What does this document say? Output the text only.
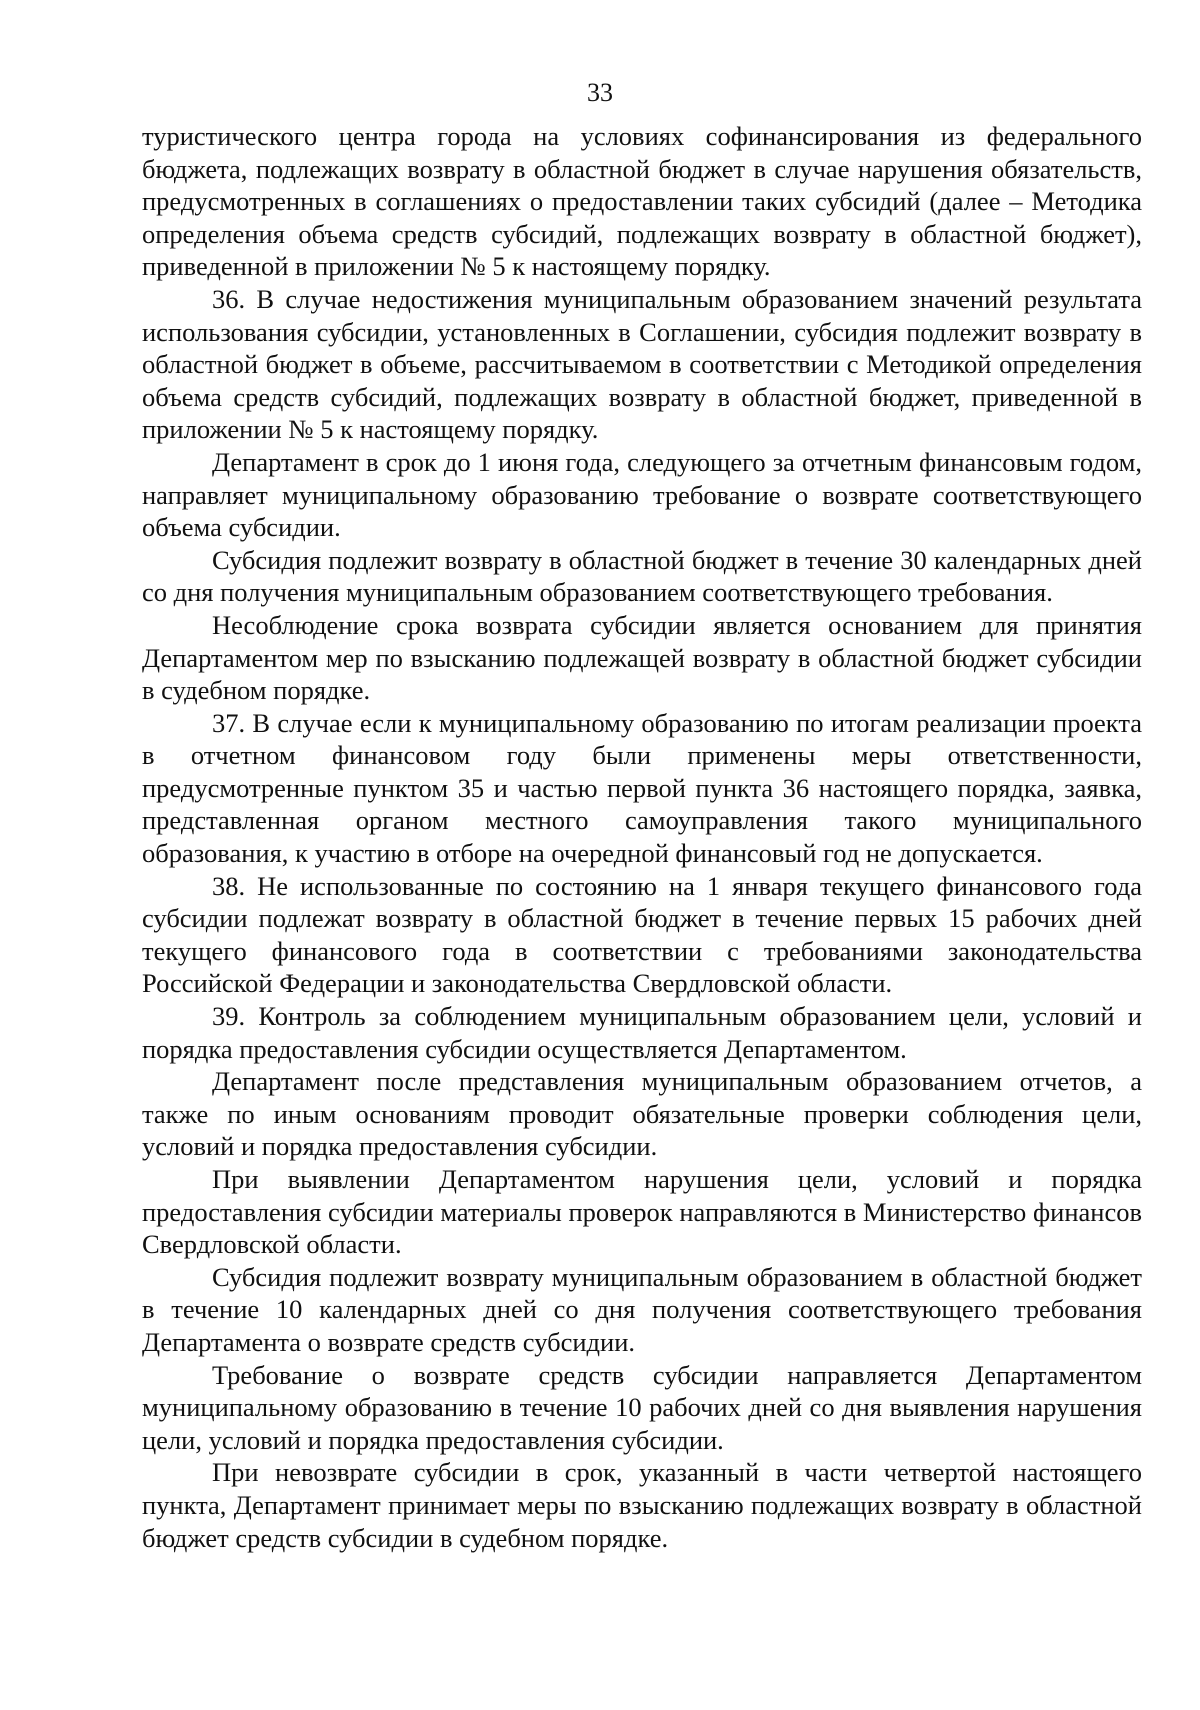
33

туристического центра города на условиях софинансирования из федерального бюджета, подлежащих возврату в областной бюджет в случае нарушения обязательств, предусмотренных в соглашениях о предоставлении таких субсидий (далее – Методика определения объема средств субсидий, подлежащих возврату в областной бюджет), приведенной в приложении № 5 к настоящему порядку.

36. В случае недостижения муниципальным образованием значений результата использования субсидии, установленных в Соглашении, субсидия подлежит возврату в областной бюджет в объеме, рассчитываемом в соответствии с Методикой определения объема средств субсидий, подлежащих возврату в областной бюджет, приведенной в приложении № 5 к настоящему порядку.

Департамент в срок до 1 июня года, следующего за отчетным финансовым годом, направляет муниципальному образованию требование о возврате соответствующего объема субсидии.

Субсидия подлежит возврату в областной бюджет в течение 30 календарных дней со дня получения муниципальным образованием соответствующего требования.

Несоблюдение срока возврата субсидии является основанием для принятия Департаментом мер по взысканию подлежащей возврату в областной бюджет субсидии в судебном порядке.

37. В случае если к муниципальному образованию по итогам реализации проекта в отчетном финансовом году были применены меры ответственности, предусмотренные пунктом 35 и частью первой пункта 36 настоящего порядка, заявка, представленная органом местного самоуправления такого муниципального образования, к участию в отборе на очередной финансовый год не допускается.

38. Не использованные по состоянию на 1 января текущего финансового года субсидии подлежат возврату в областной бюджет в течение первых 15 рабочих дней текущего финансового года в соответствии с требованиями законодательства Российской Федерации и законодательства Свердловской области.

39. Контроль за соблюдением муниципальным образованием цели, условий и порядка предоставления субсидии осуществляется Департаментом.

Департамент после представления муниципальным образованием отчетов, а также по иным основаниям проводит обязательные проверки соблюдения цели, условий и порядка предоставления субсидии.

При выявлении Департаментом нарушения цели, условий и порядка предоставления субсидии материалы проверок направляются в Министерство финансов Свердловской области.

Субсидия подлежит возврату муниципальным образованием в областной бюджет в течение 10 календарных дней со дня получения соответствующего требования Департамента о возврате средств субсидии.

Требование о возврате средств субсидии направляется Департаментом муниципальному образованию в течение 10 рабочих дней со дня выявления нарушения цели, условий и порядка предоставления субсидии.

При невозврате субсидии в срок, указанный в части четвертой настоящего пункта, Департамент принимает меры по взысканию подлежащих возврату в областной бюджет средств субсидии в судебном порядке.
